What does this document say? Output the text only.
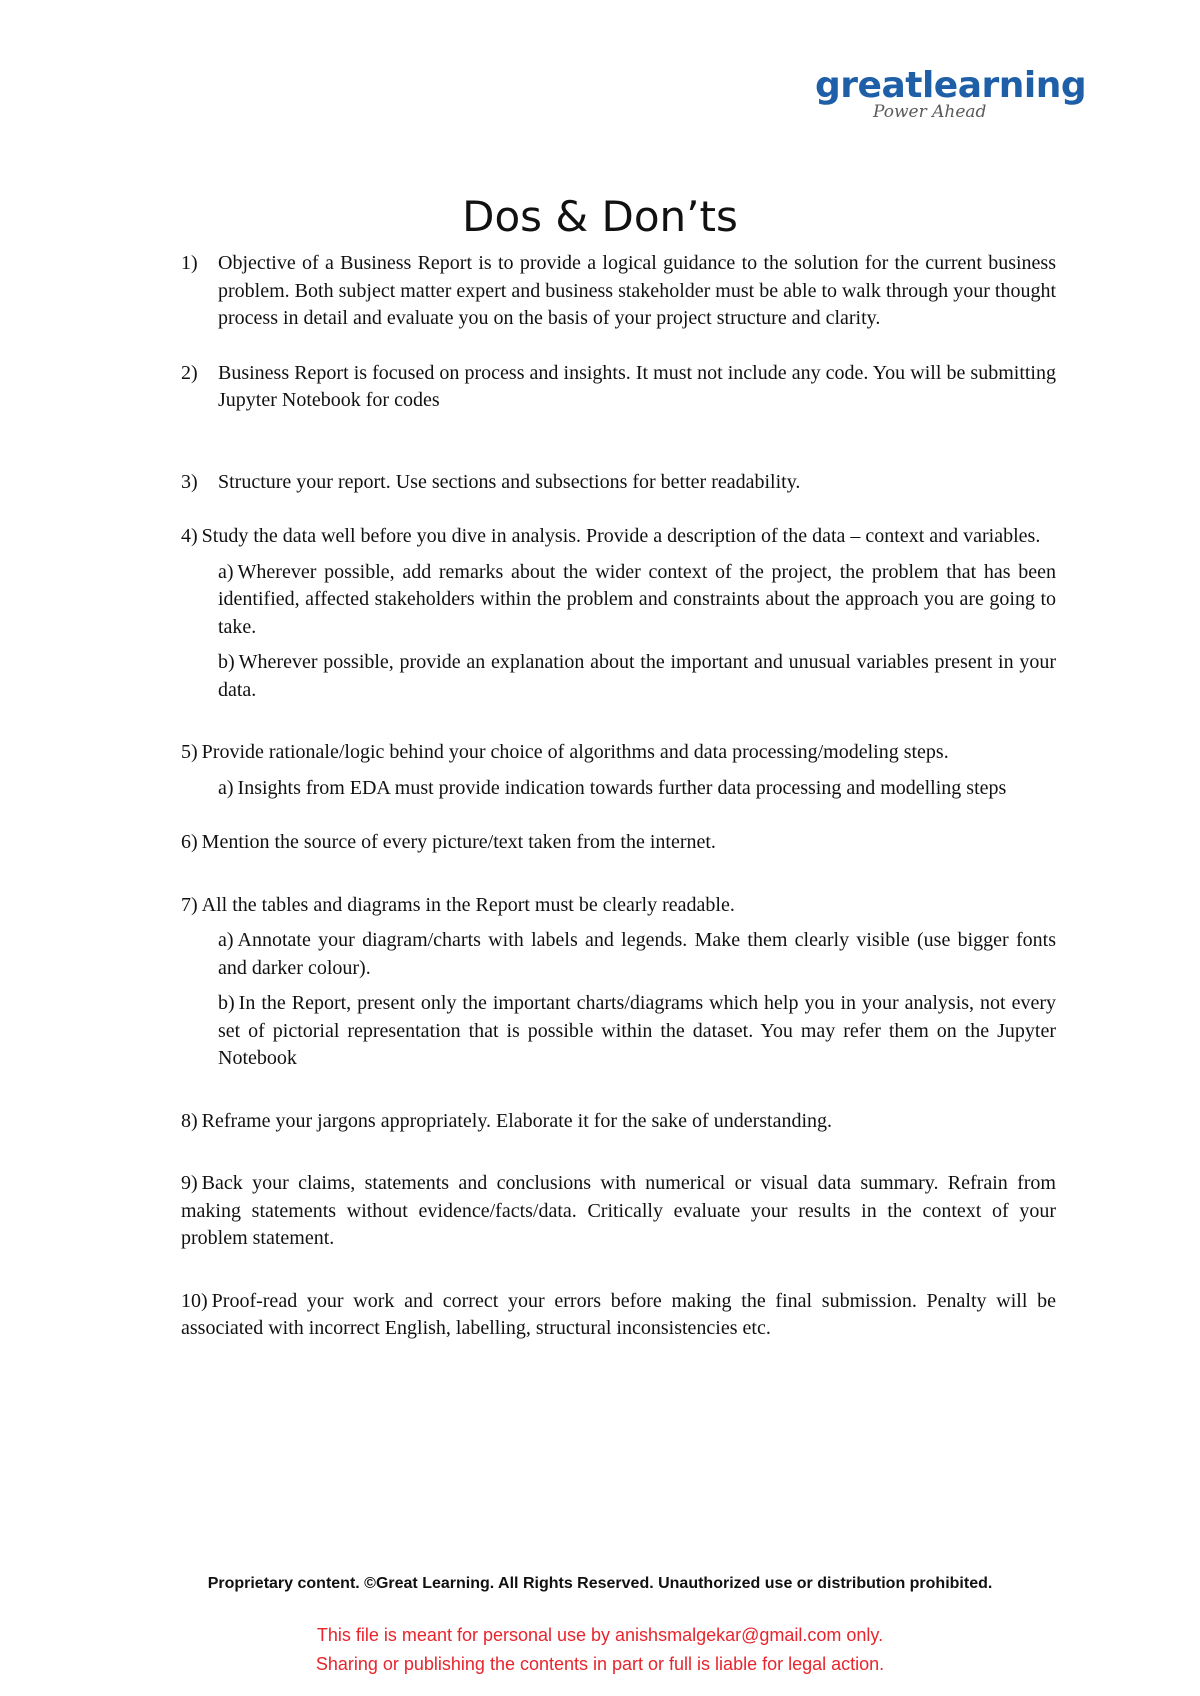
greatlearning
Power Ahead
Dos & Don’ts
1) Objective of a Business Report is to provide a logical guidance to the solution for the current business problem. Both subject matter expert and business stakeholder must be able to walk through your thought process in detail and evaluate you on the basis of your project structure and clarity.
2) Business Report is focused on process and insights. It must not include any code. You will be submitting Jupyter Notebook for codes
3) Structure your report. Use sections and subsections for better readability.
4) Study the data well before you dive in analysis. Provide a description of the data – context and variables.
a) Wherever possible, add remarks about the wider context of the project, the problem that has been identified, affected stakeholders within the problem and constraints about the approach you are going to take.
b) Wherever possible, provide an explanation about the important and unusual variables present in your data.
5) Provide rationale/logic behind your choice of algorithms and data processing/modeling steps.
a) Insights from EDA must provide indication towards further data processing and modelling steps
6) Mention the source of every picture/text taken from the internet.
7) All the tables and diagrams in the Report must be clearly readable.
a) Annotate your diagram/charts with labels and legends. Make them clearly visible (use bigger fonts and darker colour).
b) In the Report, present only the important charts/diagrams which help you in your analysis, not every set of pictorial representation that is possible within the dataset. You may refer them on the Jupyter Notebook
8) Reframe your jargons appropriately. Elaborate it for the sake of understanding.
9) Back your claims, statements and conclusions with numerical or visual data summary. Refrain from making statements without evidence/facts/data. Critically evaluate your results in the context of your problem statement.
10) Proof-read your work and correct your errors before making the final submission. Penalty will be associated with incorrect English, labelling, structural inconsistencies etc.
Proprietary content. ©Great Learning. All Rights Reserved. Unauthorized use or distribution prohibited.
This file is meant for personal use by anishsmalgekar@gmail.com only.
Sharing or publishing the contents in part or full is liable for legal action.
